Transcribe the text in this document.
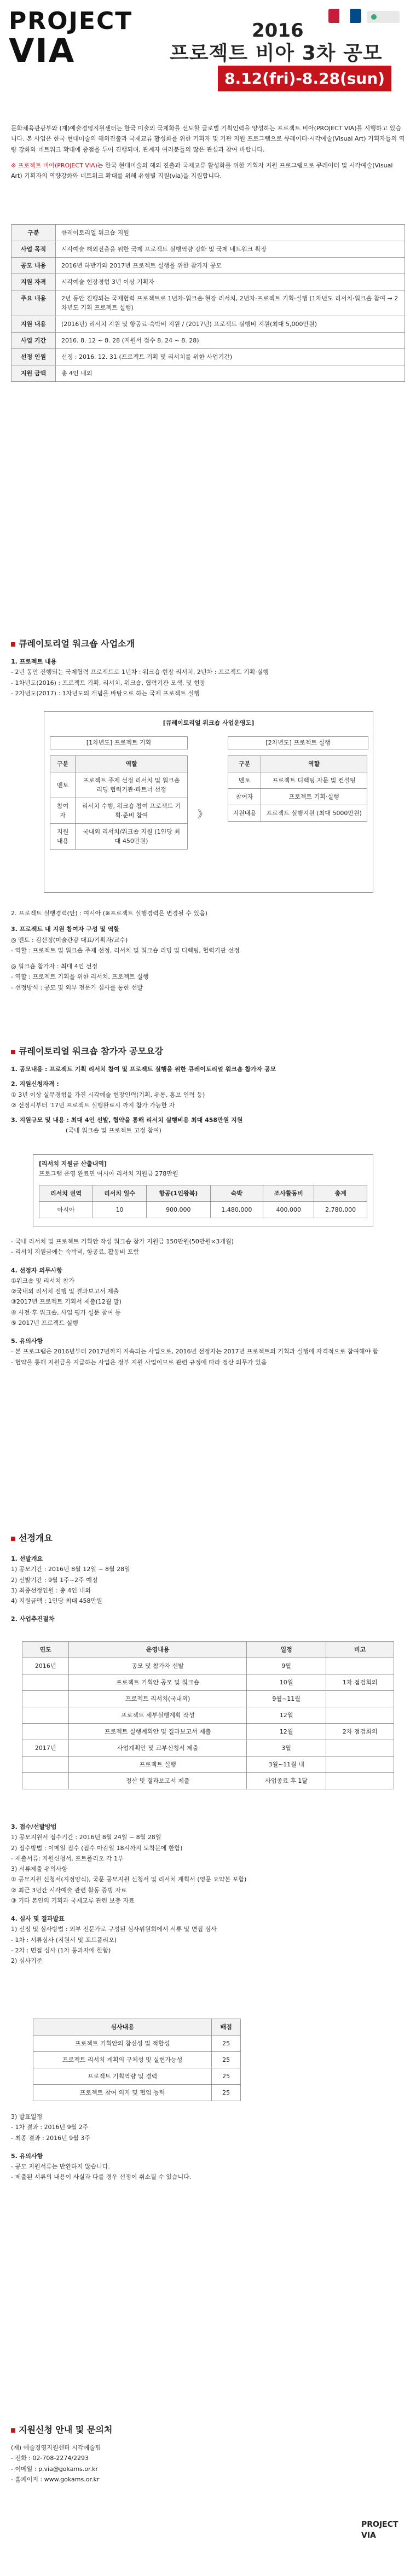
PROJECT
VIA
2016
프로젝트 비아 3차 공모
8.12(fri)-8.28(sun)

문화체육관광부와 (재)예술경영지원센터는 한국 미술의 국제화를 선도할 글로벌 기획인력을 양성하는 프로젝트 비아(PROJECT VIA)를 시행하고 있습니다. 본 사업은 한국 현대미술의 해외진출과 국제교류 활성화를 위한 기획자 및 기관 지원 프로그램으로 큐레이터·시각예술(Visual Art) 기획자들의 역량 강화와 네트워크 확대에 중점을 두어 진행되며, 관계자 여러분들의 많은 관심과 참여 바랍니다.

※ 프로젝트 비아(PROJECT VIA)는 한국 현대미술의 해외 진출과 국제교류 활성화를 위한 기획자 지원 프로그램으로 큐레이터 및 시각예술(Visual Art) 기획자의 역량강화와 네트워크 확대를 위해 유형별 지원(via)을 지원합니다.

구분	큐레이토리얼 워크숍 지원
사업 목적	시각예술 해외진출을 위한 국제 프로젝트 실행역량 강화 및 국제 네트워크 확장
공모 내용	2016년 하반기와 2017년 프로젝트 실행을 위한 참가자 공모
지원 자격	시각예술 현장경험 3년 이상 기획자
주요 내용	2년 동안 진행되는 국제협력 프로젝트로 1년차-워크숍·현장 리서치, 2년차-프로젝트 기획·실행 (1차년도 리서치·워크숍 참여 → 2차년도 기획 프로젝트 실행)
지원 내용	(2016년) 리서치 지원 및 항공료·숙박비 지원 / (2017년) 프로젝트 실행비 지원(최대 5,000만원)
사업 기간	2016. 8. 12 ~ 8. 28 (지원서 접수 8. 24 ~ 8. 28)
선정 인원	선정 : 2016. 12. 31 (프로젝트 기획 및 리서치를 위한 사업기간)
지원 금액	총 4인 내외
큐레이토리얼 워크숍 사업소개
1. 프로젝트 내용
- 2년 동안 진행되는 국제협력 프로젝트로 1년차 : 워크숍·현장 리서치, 2년차 : 프로젝트 기획·실행
- 1차년도(2016) : 프로젝트 기획, 리서치, 워크숍, 협력기관 모색, 및 현장
- 2차년도(2017) : 1차년도의 개념을 바탕으로 하는 국제 프로젝트 실행
[큐레이토리얼 워크숍 사업운영도]
[1차년도] 프로젝트 기획	[2차년도] 프로젝트 실행
구분	역할
멘토	프로젝트 주제 선정 리서치 및 워크숍 리딩 협력기관·파트너 선정
참여자	리서치 수행, 워크숍 참여 프로젝트 기획·준비 참여
지원내용	국내외 리서치/워크숍 지원 (1인당 최대 450만원)
》
구분	역할
멘토	프로젝트 디렉팅 자문 및 컨설팅
참여자	프로젝트 기획·실행
지원내용	프로젝트 실행지원 (최대 5000만원)
2. 프로젝트 실행경력(안) : 여시아 (※프로젝트 실행경력은 변경될 수 있음)
3. 프로젝트 내 지원 참여자 구성 및 역할
◎ 멘토 : 김선정(미술관광 대표/기획자/교수)
- 역할 : 프로젝트 및 워크숍 주제 선정, 리서치 및 워크숍 리딩 및 디렉팅, 협력기관 선정
◎ 워크숍 참가자 : 최대 4인 선정
- 역할 : 프로젝트 기획을 위한 리서치, 프로젝트 실행
- 선정방식 : 공모 및 외부 전문가 심사를 통한 선발
큐레이토리얼 워크숍 참가자 공모요강
1. 공모내용 : 프로젝트 기획 리서치 참여 및 프로젝트 실행을 위한 큐레이토리얼 워크숍 참가자 공모
2. 지원신청자격 :
① 3년 이상 실무경험을 가진 시각예술 현장인력(기획, 유통, 홍보 인력 등)
② 선정시부터 '17년 프로젝트 실행완료시 까지 참가 가능한 자
3. 지원규모 및 내용 : 최대 4인 선발, 협약을 통해 리서치 실행비용 최대 458만원 지원
(국내 워크숍 및 프로젝트 고정 참여)
[리서치 지원금 산출내역]
프로그램 운영 완료면 여시아 리서치 지원금 278만원
리서치 권역	리서치 일수	항공(1인왕복)	숙박	조사활동비	총계
아시아	10	900,000	1,480,000	400,000	2,780,000
- 국내 리서치 및 프로젝트 기획안 작성 워크숍 참가 지원금 150만원(50만원×3개월)
- 리서치 지원금에는 숙박비, 항공료, 활동비 포함
4. 선정자 의무사항
①워크숍 및 리서치 참가
②국내외 리서치 진행 및 결과보고서 제출
③2017년 프로젝트 기획서 제출(12월 말)
④ 사전·후 워크숍, 사업 평가 설문 참여 등
⑤ 2017년 프로젝트 실행
5. 유의사항
- 본 프로그램은 2016년부터 2017년까지 지속되는 사업으로, 2016년 선정자는 2017년 프로젝트의 기획과 실행에 자격적으로 참여해야 함
- 협약을 통해 지원금을 지급하는 사업은 정부 지원 사업이므로 관련 규정에 따라 정산 의무가 있음
선정개요
1. 선발개요
1) 공모기간 : 2016년 8월 12일 ~ 8월 28일
2) 선발기간 : 9월 1주~2주 예정
3) 최종선정인원 : 총 4인 내외
4) 지원금액 : 1인당 최대 458만원
2. 사업추진절차
연도	운영내용	일정	비고
2016년	공모 및 참가자 선발	9월	
	프로젝트 기획안 공모 및 워크숍	10월	1차 점검회의
	프로젝트 리서치(국내외)	9월~11월	
	프로젝트 세부실행계획 작성	12월	
	프로젝트 실행계획안 및 결과보고서 제출	12월	2차 점검회의
2017년	사업계획안 및 교부신청서 제출	3월	
	프로젝트 실행	3월~11월 내	
	정산 및 결과보고서 제출	사업종료 후 1달	
3. 접수/선발방법
1) 공모지원서 접수기간 : 2016년 8월 24일 ~ 8월 28일
2) 접수방법 : 이메일 접수 (접수 마감일 18시까지 도착분에 한함)
- 제출서류: 지원신청서, 포트폴리오 각 1부
3) 서류제출 유의사항
① 공모지원 신청서(지정양식), 국문 공모지원 신청서 및 리서치 계획서 (영문 요약본 포함)
② 최근 3년간 시각예술 관련 활동 증빙 자료
③ 기타 본인의 기획과 국제교류 관련 보충 자료
4. 심사 및 결과발표
1) 선정 및 심사방법 : 외부 전문가로 구성된 심사위원회에서 서류 및 면접 심사
- 1차 : 서류심사 (지원서 및 포트폴리오)
- 2차 : 면접 심사 (1차 통과자에 한함)
2) 심사기준
심사내용	배점
프로젝트 기획안의 참신성 및 적합성	25
프로젝트 리서치 계획의 구체성 및 실현가능성	25
프로젝트 기획역량 및 경력	25
프로젝트 참여 의지 및 협업 능력	25
3) 발표일정
- 1차 결과 : 2016년 9월 2주
- 최종 결과 : 2016년 9월 3주
5. 유의사항
- 공모 지원서류는 반환하지 않습니다.
- 제출된 서류의 내용이 사실과 다를 경우 선정이 취소될 수 있습니다.
지원신청 안내 및 문의처
(재) 예술경영지원센터 시각예술팀
- 전화 : 02-708-2274/2293
- 이메일 : p.via@gokams.or.kr
- 홈페이지 : www.gokams.or.kr
PROJECT
VIA
